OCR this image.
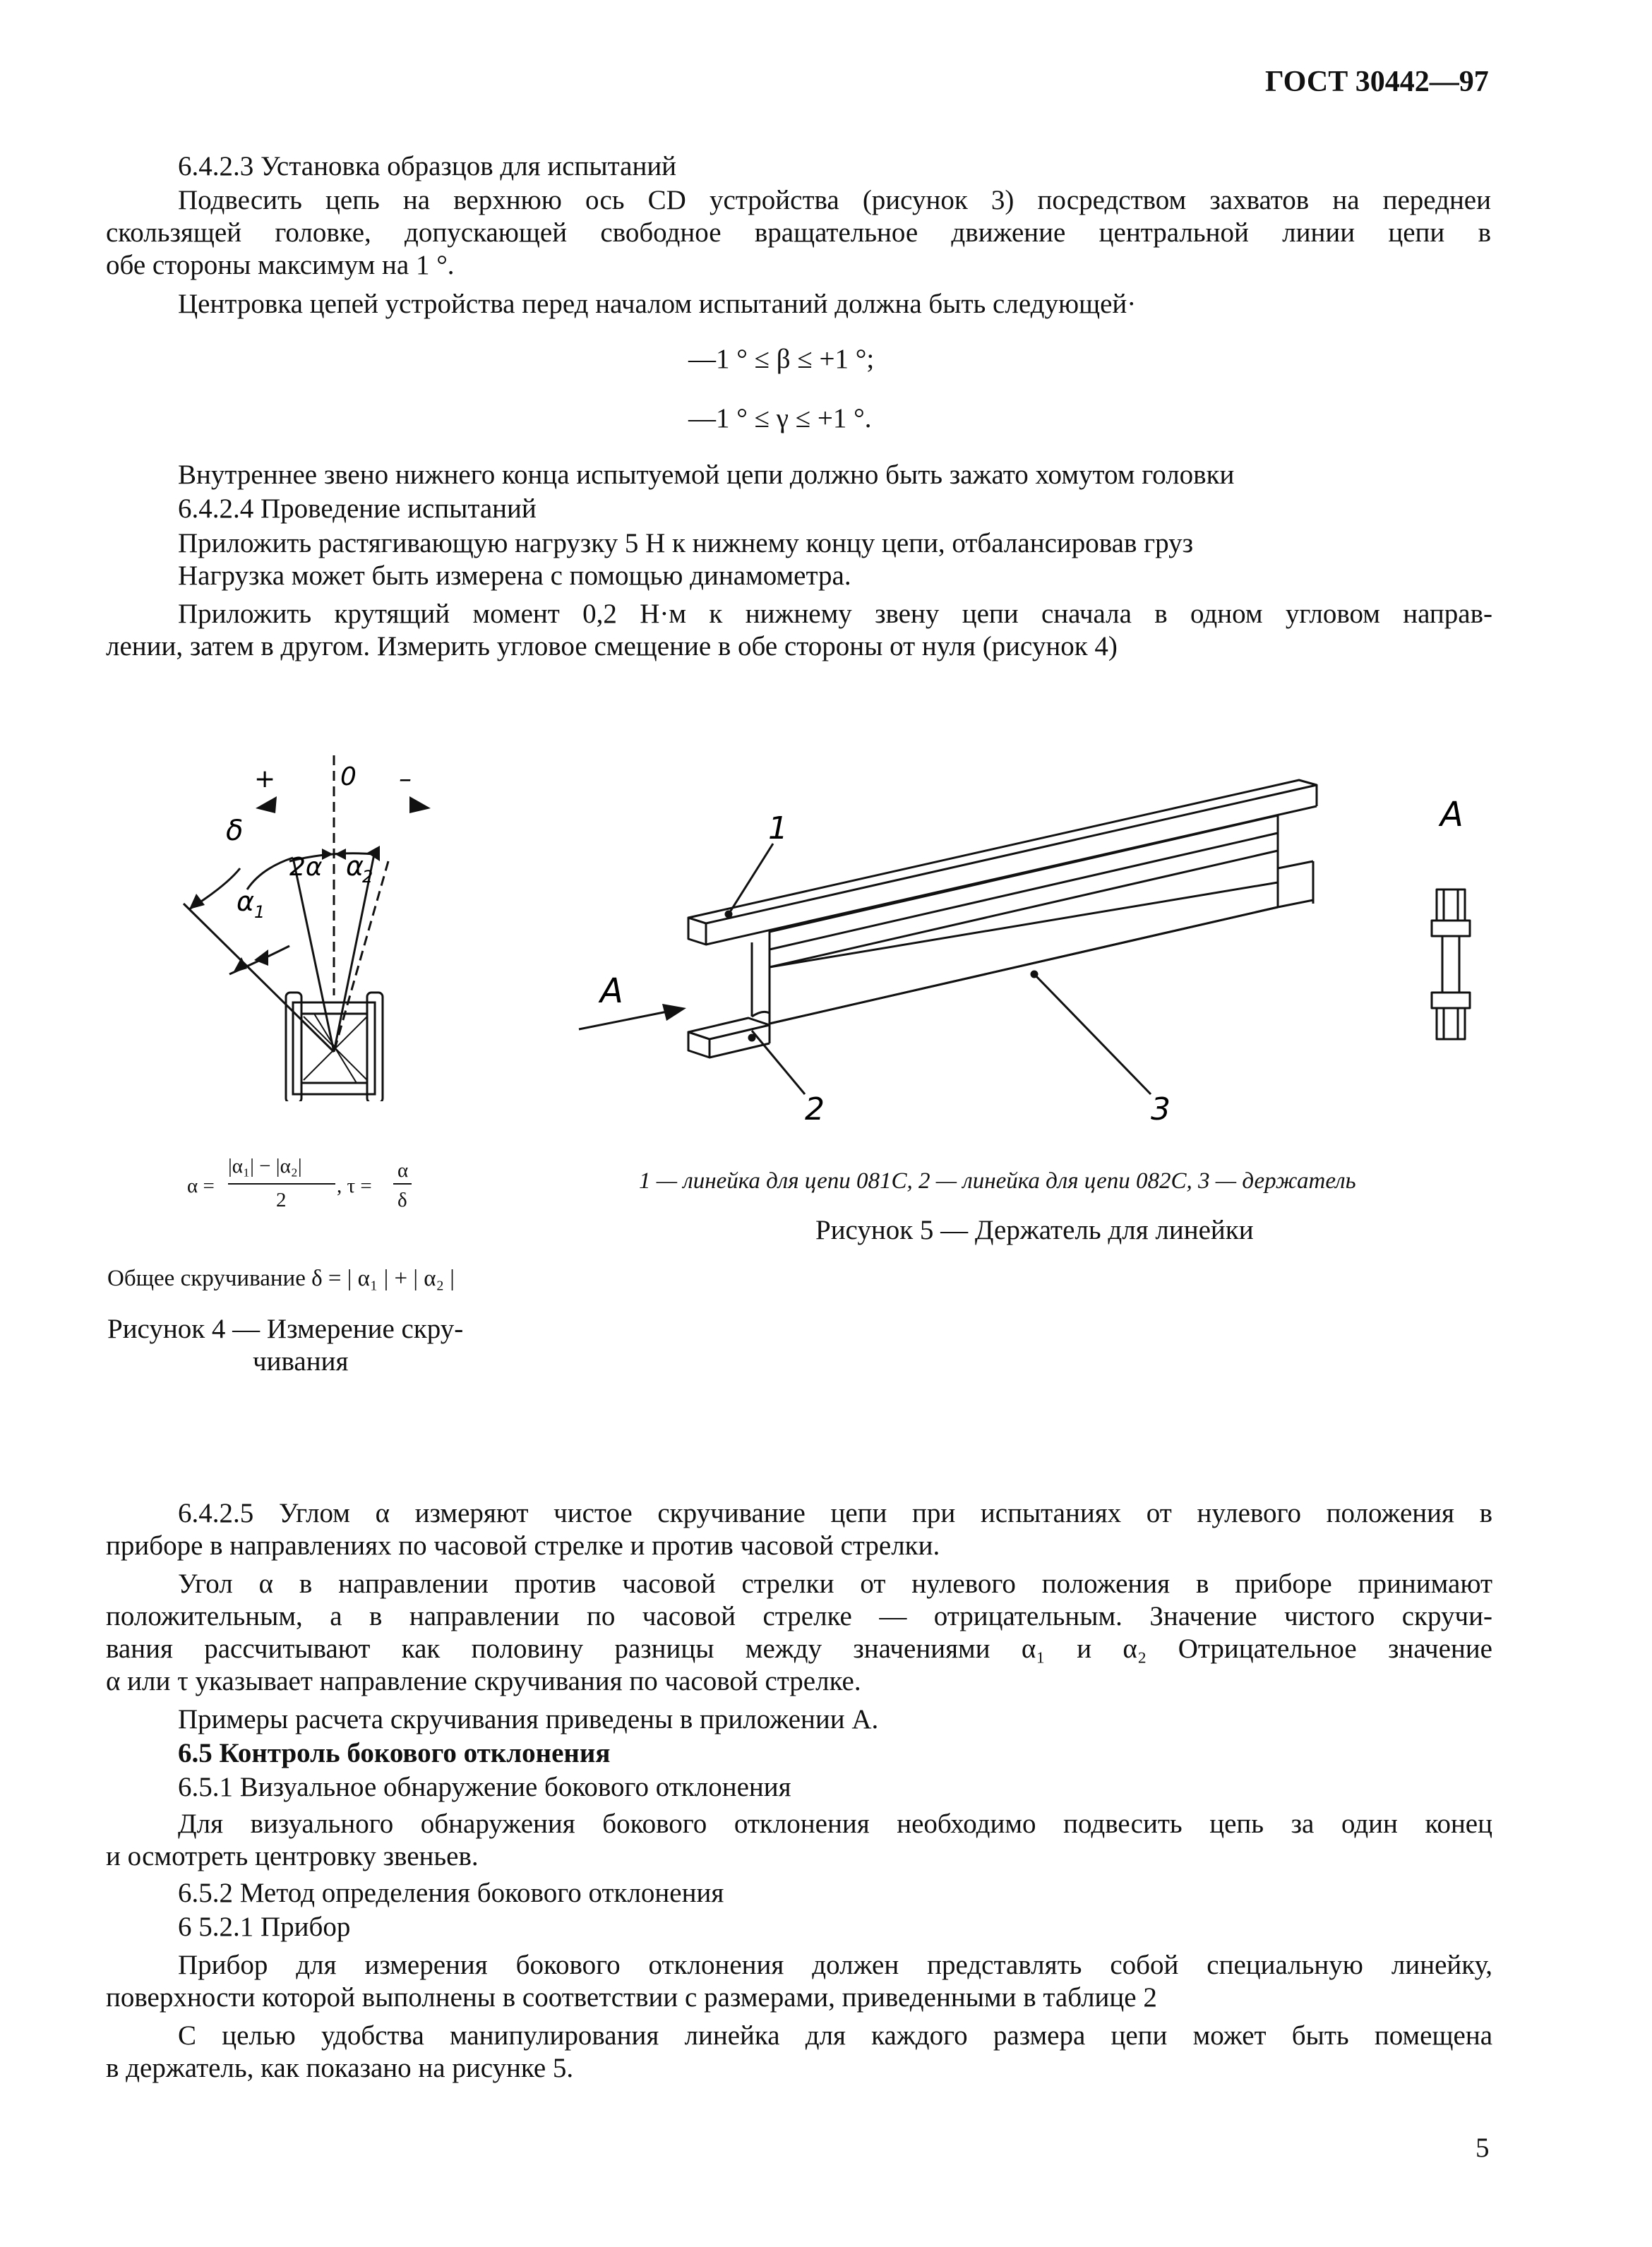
ГОСТ 30442—97
6.4.2.3 Установка образцов для испытаний
Подвесить цепь на верхнюю ось CD устройства (рисунок 3) посредством захватов на переднеи
скользящей головке, допускающей свободное вращательное движение центральной линии цепи в
обе стороны максимум на 1 °.
Центровка цепей устройства перед началом испытаний должна быть следующей·
—1 ° ≤ β ≤ +1 °;
—1 ° ≤ γ ≤ +1 °.
Внутреннее звено нижнего конца испытуемой цепи должно быть зажато хомутом головки
6.4.2.4 Проведение испытаний
Приложить растягивающую нагрузку 5 Н к нижнему концу цепи, отбалансировав груз
Нагрузка может быть измерена с помощью динамометра.
Приложить крутящий момент 0,2 Н·м к нижнему звену цепи сначала в одном угловом направ-
лении, затем в другом. Измерить угловое смещение в обе стороны от нуля (рисунок 4)
+	0 –
δ
2α
α 1
α
2
α =
|α₁| − |α₂|
2
, τ =
α
δ
Общее скручивание δ = | α₁ | + | α₂ |
Рисунок 4 — Измерение скру-
чивания
1
2	3
A
A
1 — линейка для цепи 081С, 2 — линейка для цепи 082С, 3 — держатель
Рисунок 5 — Держатель для линейки
6.4.2.5 Углом α измеряют чистое скручивание цепи при испытаниях от нулевого положения в
приборе в направлениях по часовой стрелке и против часовой стрелки.
Угол α в направлении против часовой стрелки от нулевого положения в приборе принимают
положительным, а в направлении по часовой стрелке — отрицательным. Значение чистого скручи-
вания рассчитывают как половину разницы между значениями α₁ и α₂ Отрицательное значение
α или τ указывает направление скручивания по часовой стрелке.
Примеры расчета скручивания приведены в приложении А.
6.5 Контроль бокового отклонения
6.5.1 Визуальное обнаружение бокового отклонения
Для визуального обнаружения бокового отклонения необходимо подвесить цепь за один конец
и осмотреть центровку звеньев.
6.5.2 Метод определения бокового отклонения
6 5.2.1 Прибор
Прибор для измерения бокового отклонения должен представлять собой специальную линейку,
поверхности которой выполнены в соответствии с размерами, приведенными в таблице 2
С целью удобства манипулирования линейка для каждого размера цепи может быть помещена
в держатель, как показано на рисунке 5.
5
